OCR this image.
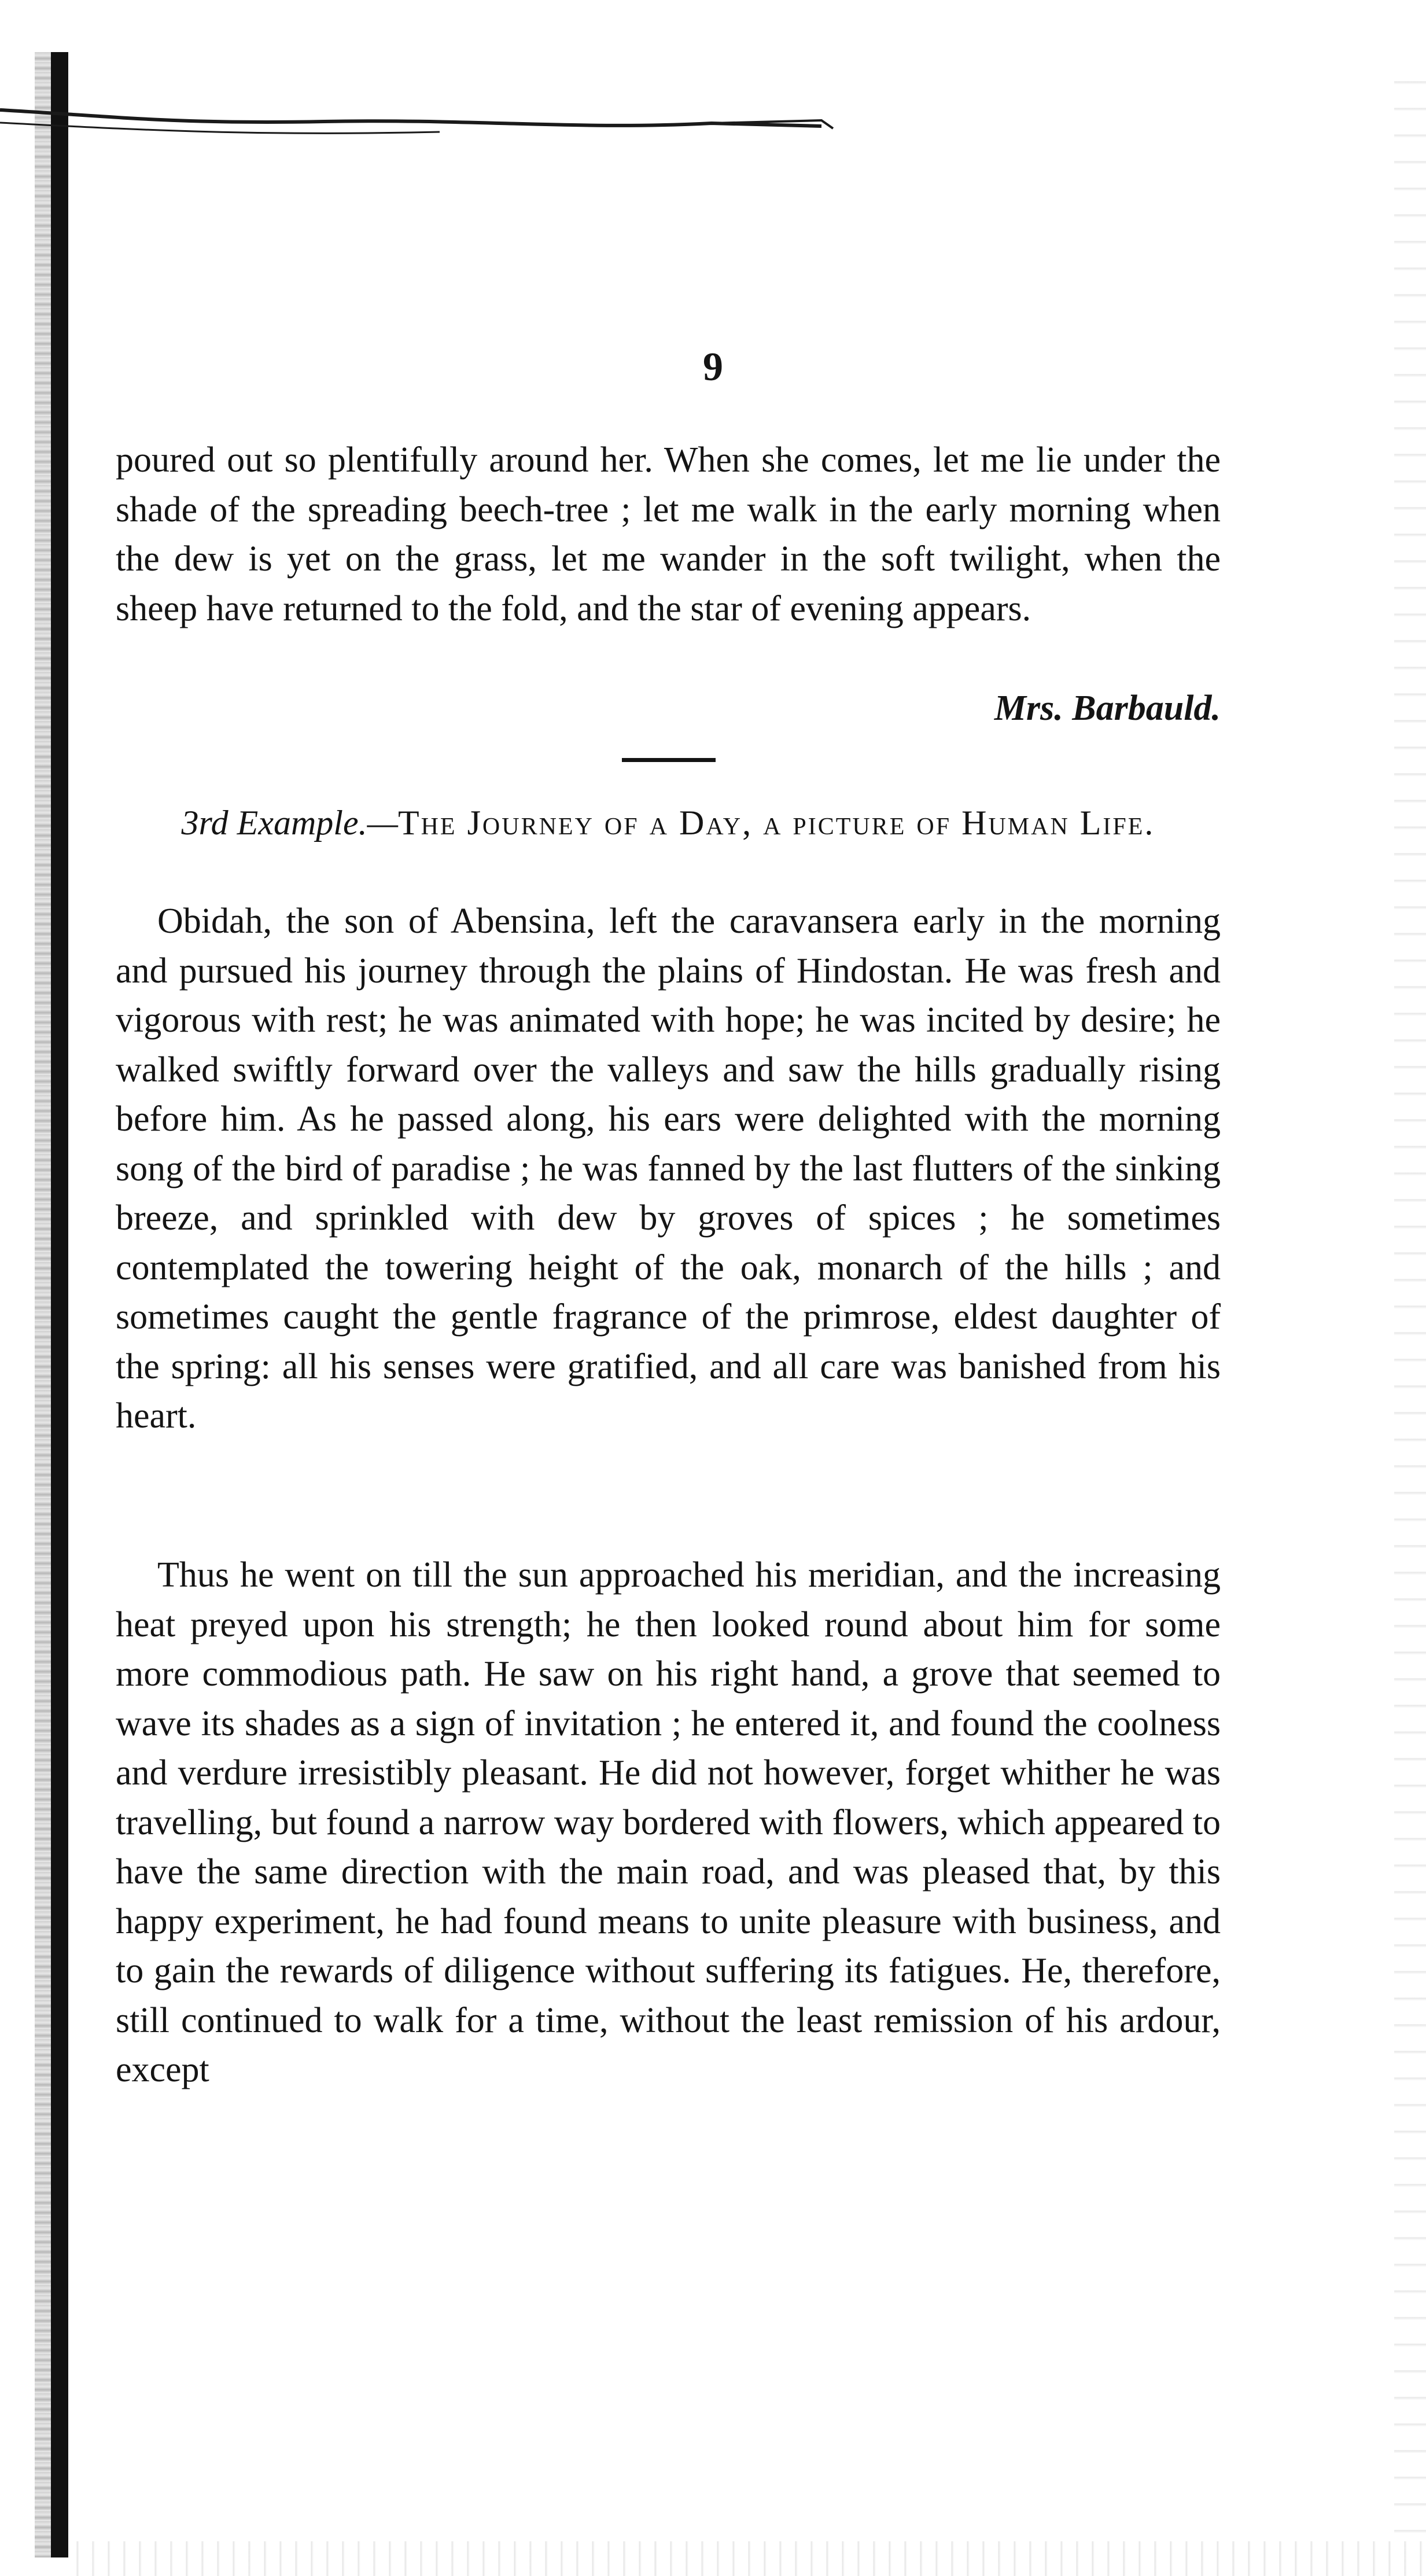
9

poured out so plentifully around her. When she comes, let me lie under the shade of the spreading beech-tree ; let me walk in the early morning when the dew is yet on the grass, let me wander in the soft twilight, when the sheep have returned to the fold, and the star of evening appears.

Mrs. Barbauld.
3rd Example.—The Journey of a Day, a picture of Human Life.

Obidah, the son of Abensina, left the caravansera early in the morning and pursued his journey through the plains of Hindostan. He was fresh and vigorous with rest; he was animated with hope; he was incited by desire; he walked swiftly forward over the valleys and saw the hills gradually rising before him. As he passed along, his ears were delighted with the morning song of the bird of paradise ; he was fanned by the last flutters of the sinking breeze, and sprinkled with dew by groves of spices ; he sometimes contemplated the towering height of the oak, monarch of the hills ; and sometimes caught the gentle fragrance of the primrose, eldest daughter of the spring: all his senses were gratified, and all care was banished from his heart.

Thus he went on till the sun approached his meridian, and the increasing heat preyed upon his strength; he then looked round about him for some more commodious path. He saw on his right hand, a grove that seemed to wave its shades as a sign of invitation ; he entered it, and found the coolness and verdure irresistibly pleasant. He did not however, forget whither he was travelling, but found a narrow way bordered with flowers, which appeared to have the same direction with the main road, and was pleased that, by this happy experiment, he had found means to unite pleasure with business, and to gain the rewards of diligence without suffering its fatigues. He, therefore, still continued to walk for a time, without the least remission of his ardour, except
